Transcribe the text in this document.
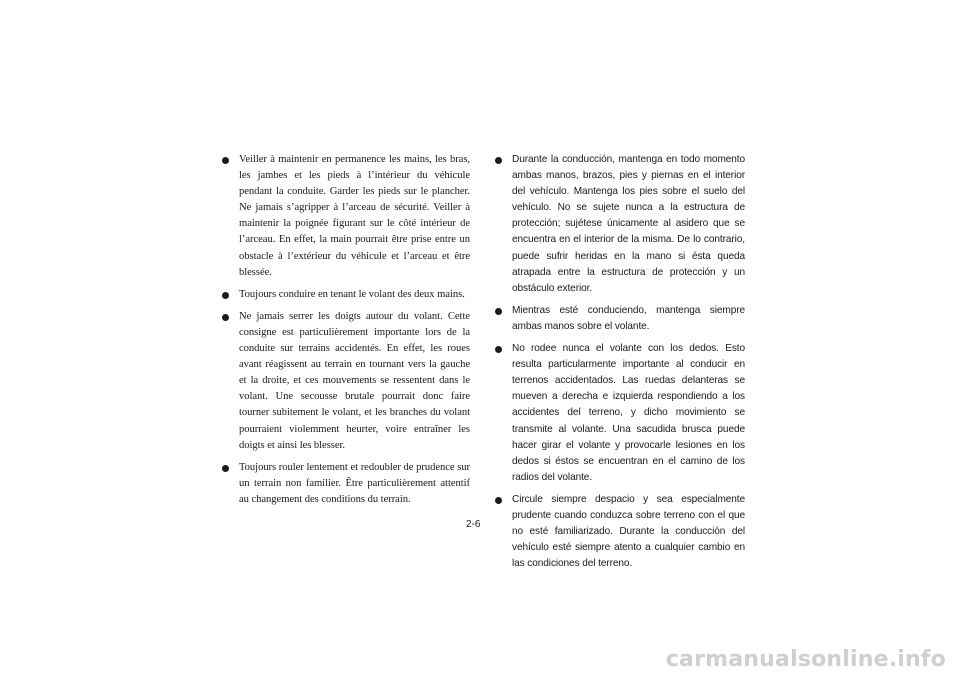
Veiller à maintenir en permanence les mains, les bras, les jambes et les pieds à l’intérieur du véhicule pendant la conduite. Garder les pieds sur le plancher. Ne jamais s’agripper à l’arceau de sécurité. Veiller à maintenir la poignée figurant sur le côté intérieur de l’arceau. En effet, la main pourrait être prise entre un obstacle à l’extérieur du véhicule et l’arceau et être blessée.
Toujours conduire en tenant le volant des deux mains.
Ne jamais serrer les doigts autour du volant. Cette consigne est particulièrement importante lors de la conduite sur terrains accidentés. En effet, les roues avant réagissent au terrain en tournant vers la gauche et la droite, et ces mouvements se ressentent dans le volant. Une secousse brutale pourrait donc faire tourner subitement le volant, et les branches du volant pourraient violemment heurter, voire entraîner les doigts et ainsi les blesser.
Toujours rouler lentement et redoubler de prudence sur un terrain non familier. Être particulièrement attentif au changement des conditions du terrain.
Durante la conducción, mantenga en todo momento ambas manos, brazos, pies y piernas en el interior del vehículo. Mantenga los pies sobre el suelo del vehículo. No se sujete nunca a la estructura de protección; sujétese únicamente al asidero que se encuentra en el interior de la misma. De lo contrario, puede sufrir heridas en la mano si ésta queda atrapada entre la estructura de protección y un obstáculo exterior.
Mientras esté conduciendo, mantenga siempre ambas manos sobre el volante.
No rodee nunca el volante con los dedos. Esto resulta particularmente importante al conducir en terrenos accidentados. Las ruedas delanteras se mueven a derecha e izquierda respondiendo a los accidentes del terreno, y dicho movimiento se transmite al volante. Una sacudida brusca puede hacer girar el volante y provocarle lesiones en los dedos si éstos se encuentran en el camino de los radios del volante.
Circule siempre despacio y sea especialmente prudente cuando conduzca sobre terreno con el que no esté familiarizado. Durante la conducción del vehículo esté siempre atento a cualquier cambio en las condiciones del terreno.
2-6
carmanualsonline.info
